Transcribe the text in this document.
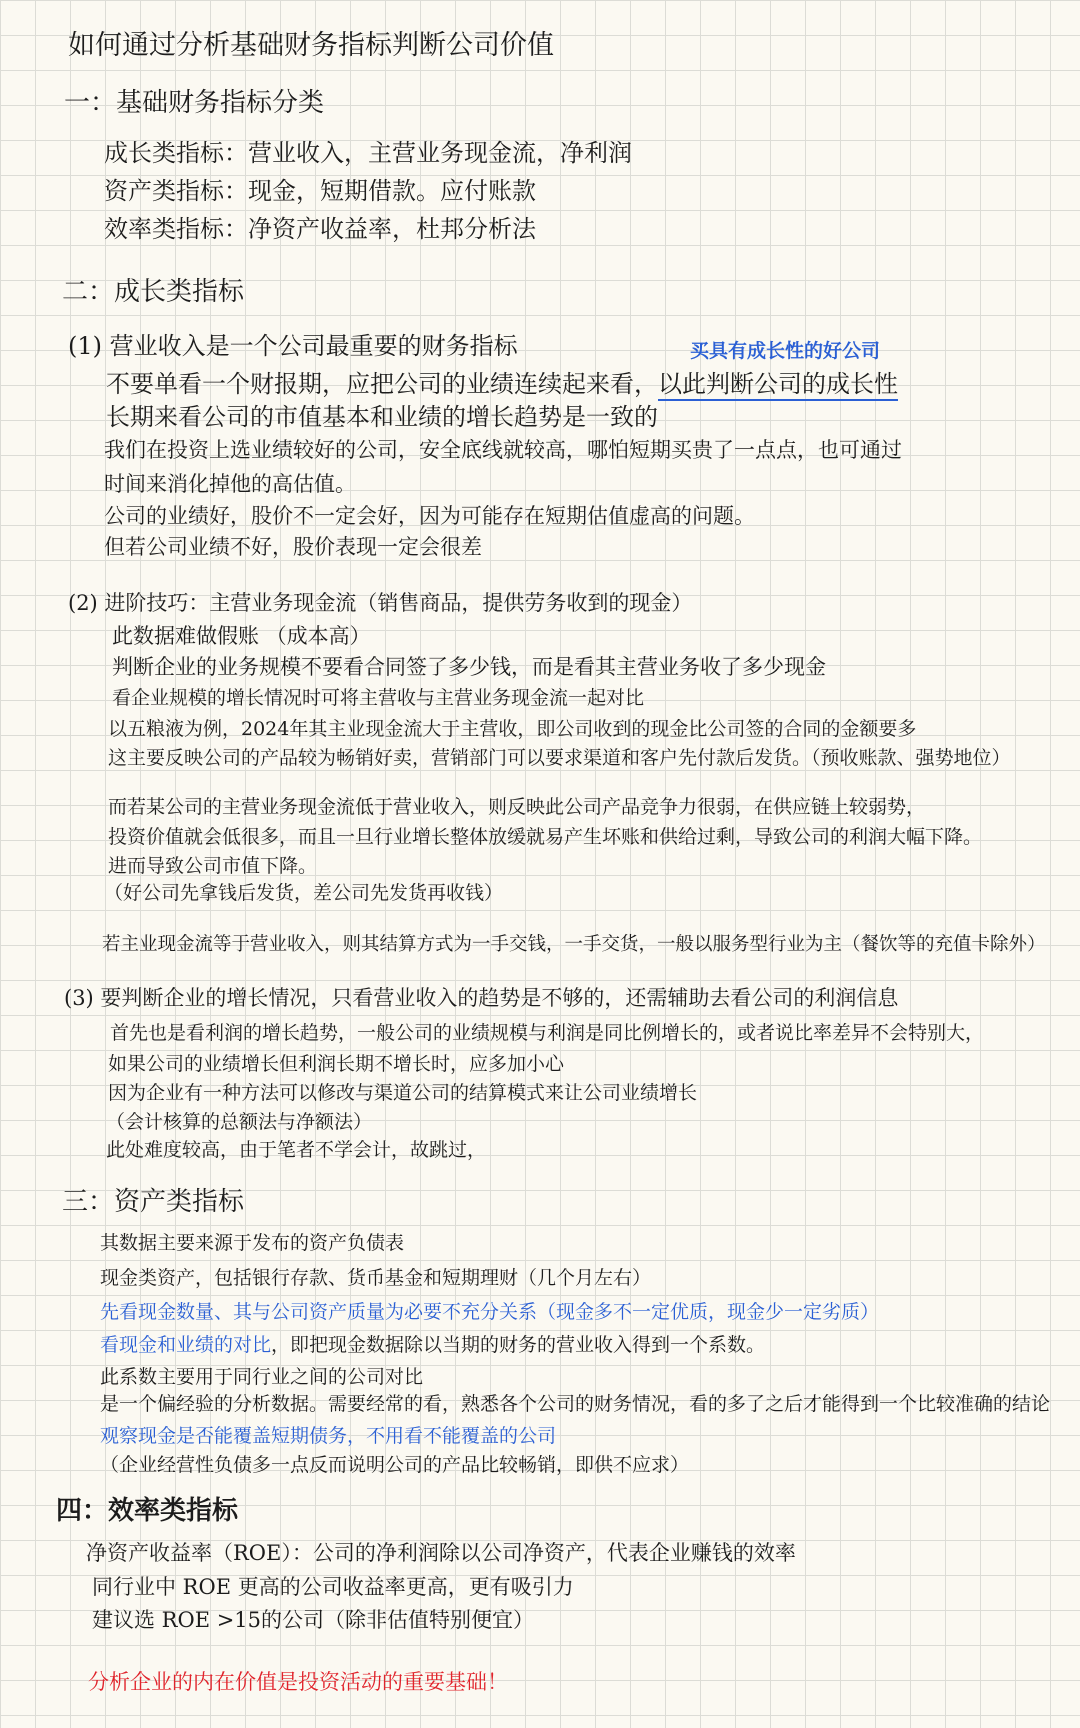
如何通过分析基础财务指标判断公司价值
一：基础财务指标分类
成长类指标：营业收入，主营业务现金流，净利润
资产类指标：现金，短期借款。应付账款
效率类指标：净资产收益率，杜邦分析法
二：成长类指标
(1) 营业收入是一个公司最重要的财务指标	买具有成长性的好公司
不要单看一个财报期，应把公司的业绩连续起来看，以此判断公司的成长性
长期来看公司的市值基本和业绩的增长趋势是一致的
我们在投资上选业绩较好的公司，安全底线就较高，哪怕短期买贵了一点点，也可通过
时间来消化掉他的高估值。
公司的业绩好，股价不一定会好，因为可能存在短期估值虚高的问题。
但若公司业绩不好，股价表现一定会很差
(2) 进阶技巧：主营业务现金流（销售商品，提供劳务收到的现金）
此数据难做假账 （成本高）
判断企业的业务规模不要看合同签了多少钱，而是看其主营业务收了多少现金
看企业规模的增长情况时可将主营收与主营业务现金流一起对比
以五粮液为例，2024年其主业现金流大于主营收，即公司收到的现金比公司签的合同的金额要多
这主要反映公司的产品较为畅销好卖，营销部门可以要求渠道和客户先付款后发货。（预收账款、强势地位）
而若某公司的主营业务现金流低于营业收入，则反映此公司产品竞争力很弱，在供应链上较弱势，
投资价值就会低很多，而且一旦行业增长整体放缓就易产生坏账和供给过剩，导致公司的利润大幅下降。
进而导致公司市值下降。
（好公司先拿钱后发货，差公司先发货再收钱）
若主业现金流等于营业收入，则其结算方式为一手交钱，一手交货，一般以服务型行业为主（餐饮等的充值卡除外）
(3) 要判断企业的增长情况，只看营业收入的趋势是不够的，还需辅助去看公司的利润信息
首先也是看利润的增长趋势，一般公司的业绩规模与利润是同比例增长的，或者说比率差异不会特别大，
如果公司的业绩增长但利润长期不增长时，应多加小心
因为企业有一种方法可以修改与渠道公司的结算模式来让公司业绩增长
（会计核算的总额法与净额法）
此处难度较高，由于笔者不学会计，故跳过，
三：资产类指标
其数据主要来源于发布的资产负债表
现金类资产，包括银行存款、货币基金和短期理财（几个月左右）
先看现金数量、其与公司资产质量为必要不充分关系（现金多不一定优质，现金少一定劣质）
看现金和业绩的对比，即把现金数据除以当期的财务的营业收入得到一个系数。
此系数主要用于同行业之间的公司对比
是一个偏经验的分析数据。需要经常的看，熟悉各个公司的财务情况，看的多了之后才能得到一个比较准确的结论
观察现金是否能覆盖短期债务，不用看不能覆盖的公司
（企业经营性负债多一点反而说明公司的产品比较畅销，即供不应求）
四：效率类指标
净资产收益率（ROE）：公司的净利润除以公司净资产，代表企业赚钱的效率
同行业中 ROE 更高的公司收益率更高，更有吸引力
建议选 ROE >15的公司（除非估值特别便宜）
分析企业的内在价值是投资活动的重要基础！
